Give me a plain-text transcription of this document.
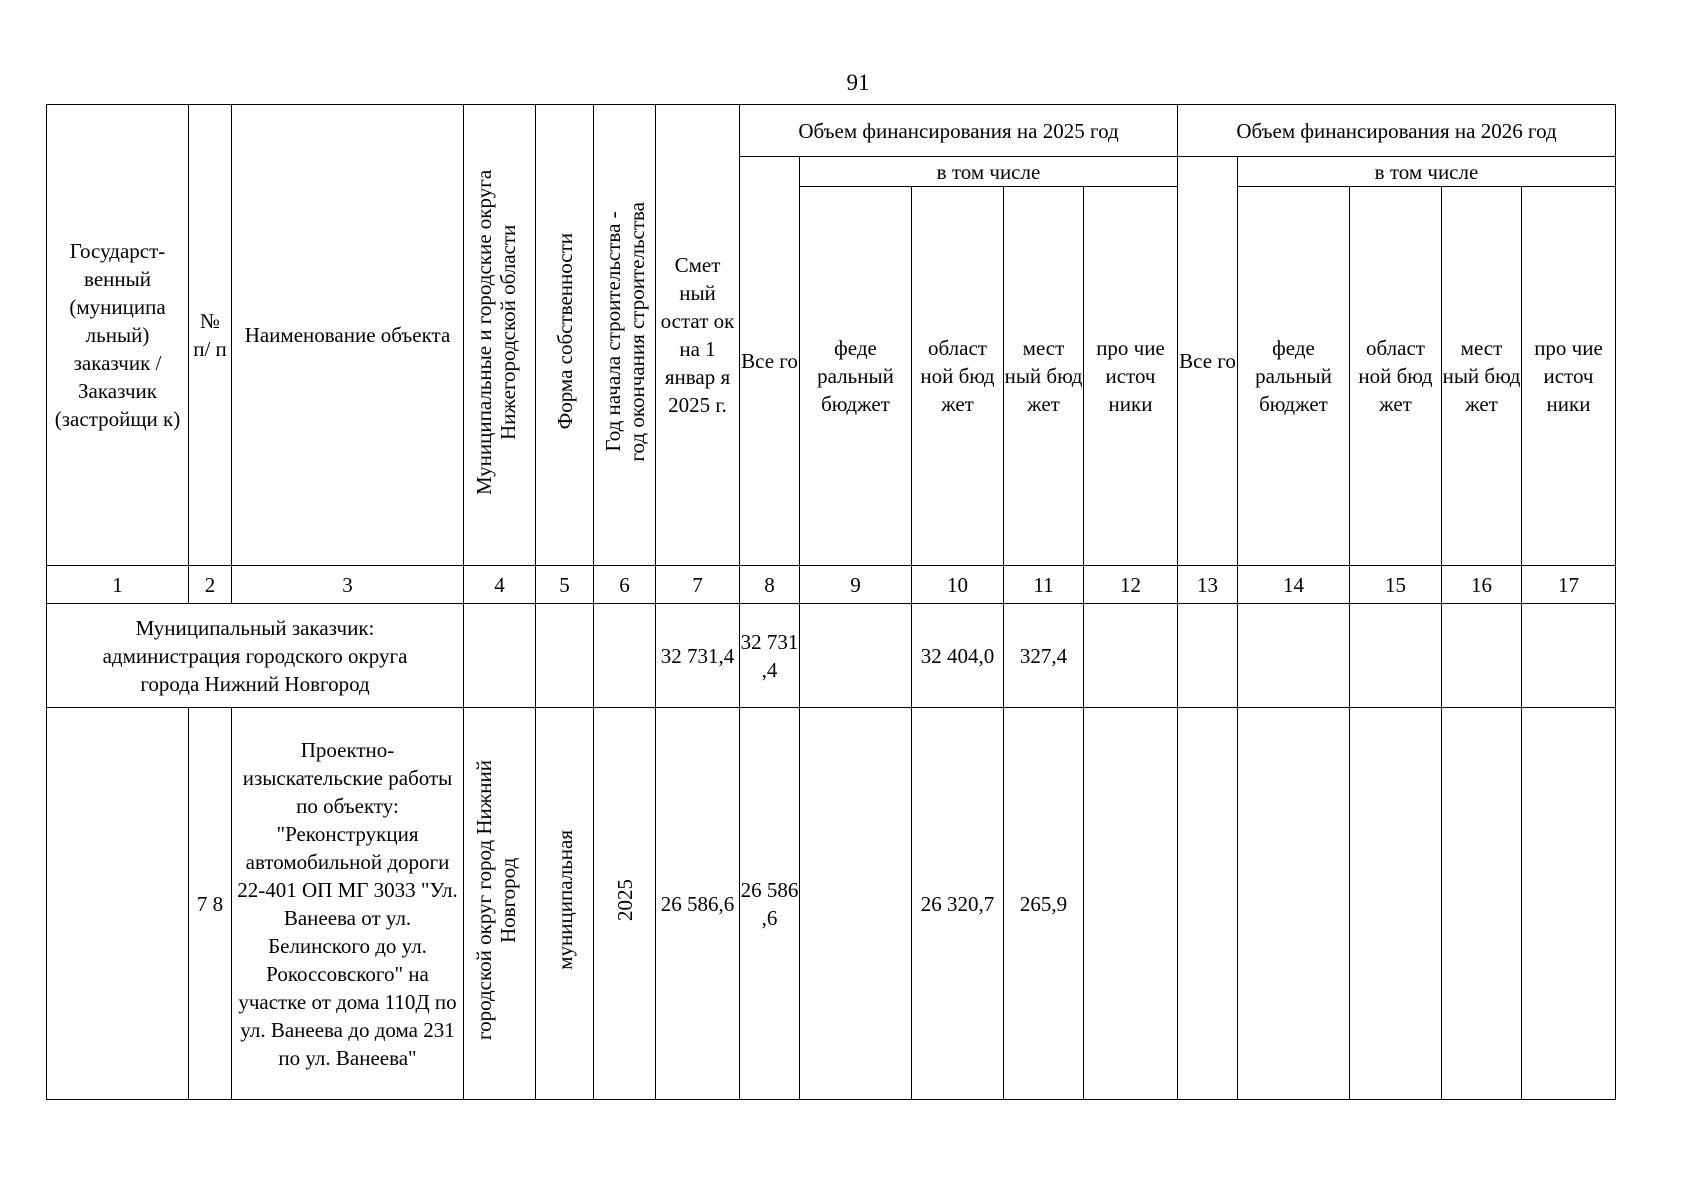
91
Государст-венный (муниципа льный) заказчик / Заказчик (застройщи к)	№ п/ п	Наименование объекта	Муниципальные и городские округа Нижегородской области	Форма собственности	Год начала строительства - год окончания строительства	Смет ный остат ок на 1 январ я 2025 г.	Объем финансирования на 2025 год					Объем финансирования на 2026 год				
							Все го	в том числе				Все го	в том числе			
								феде ральный бюджет	област ной бюд жет	мест ный бюд жет	про чие источ ники		феде ральный бюджет	област ной бюд жет	мест ный бюд жет	про чие источ ники
1	2	3	4	5	6	7	8	9	10	11	12	13	14	15	16	17
Муниципальный заказчик: администрация городского округа города Нижний Новгород						32 731,4	32 731 ,4		32 404,0	327,4						
	7 8	Проектно-изыскательские работы по объекту: "Реконструкция автомобильной дороги 22-401 ОП МГ 3033 "Ул. Ванеева от ул. Белинского до ул. Рокоссовского" на участке от дома 110Д по ул. Ванеева до дома 231 по ул. Ванеева"	городской округ город Нижний Новгород	муниципальная	2025	26 586,6	26 586 ,6		26 320,7	265,9						
